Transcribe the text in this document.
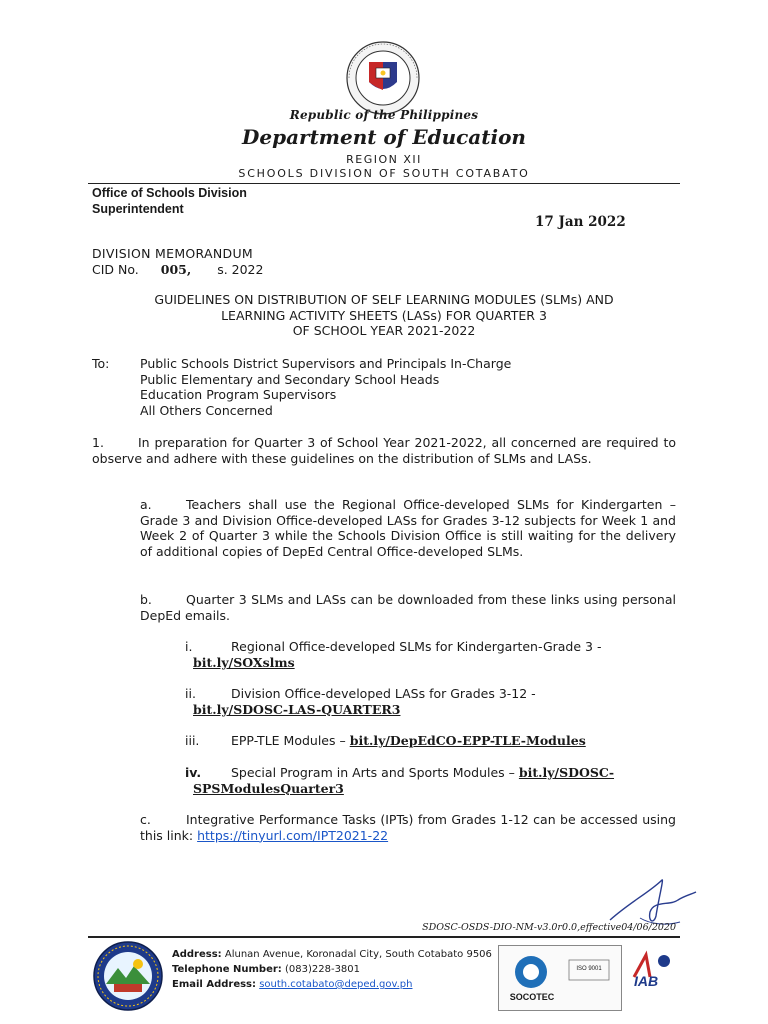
Republic of the Philippines
Department of Education
REGION XII
SCHOOLS DIVISION OF SOUTH COTABATO
Office of Schools Division
Superintendent
17 Jan 2022
DIVISION MEMORANDUM
CID No. 005, s. 2022
GUIDELINES ON DISTRIBUTION OF SELF LEARNING MODULES (SLMs) AND
LEARNING ACTIVITY SHEETS (LASs) FOR QUARTER 3
OF SCHOOL YEAR 2021-2022
To: Public Schools District Supervisors and Principals In-Charge
Public Elementary and Secondary School Heads
Education Program Supervisors
All Others Concerned
1.	In preparation for Quarter 3 of School Year 2021-2022, all concerned are required to observe and adhere with these guidelines on the distribution of SLMs and LASs.
a.	Teachers shall use the Regional Office-developed SLMs for Kindergarten – Grade 3 and Division Office-developed LASs for Grades 3-12 subjects for Week 1 and Week 2 of Quarter 3 while the Schools Division Office is still waiting for the delivery of additional copies of DepEd Central Office-developed SLMs.
b.	Quarter 3 SLMs and LASs can be downloaded from these links using personal DepEd emails.
i.	Regional Office-developed SLMs for Kindergarten-Grade 3 -
bit.ly/SOXslms
ii.	Division Office-developed LASs for Grades 3-12 -
bit.ly/SDOSC-LAS-QUARTER3
iii.	EPP-TLE Modules – bit.ly/DepEdCO-EPP-TLE-Modules
iv. Special Program in Arts and Sports Modules – bit.ly/SDOSC-
SPSModulesQuarter3
c.	Integrative Performance Tasks (IPTs) from Grades 1-12 can be accessed using this link: https://tinyurl.com/IPT2021-22
SDOSC-OSDS-DIO-NM-v3.0r0.0,effective04/06/2020
Address: Alunan Avenue, Koronadal City, South Cotabato 9506
Telephone Number: (083)228-3801
Email Address: south.cotabato@deped.gov.ph
SOCOTEC
ISO 9001
IAB
